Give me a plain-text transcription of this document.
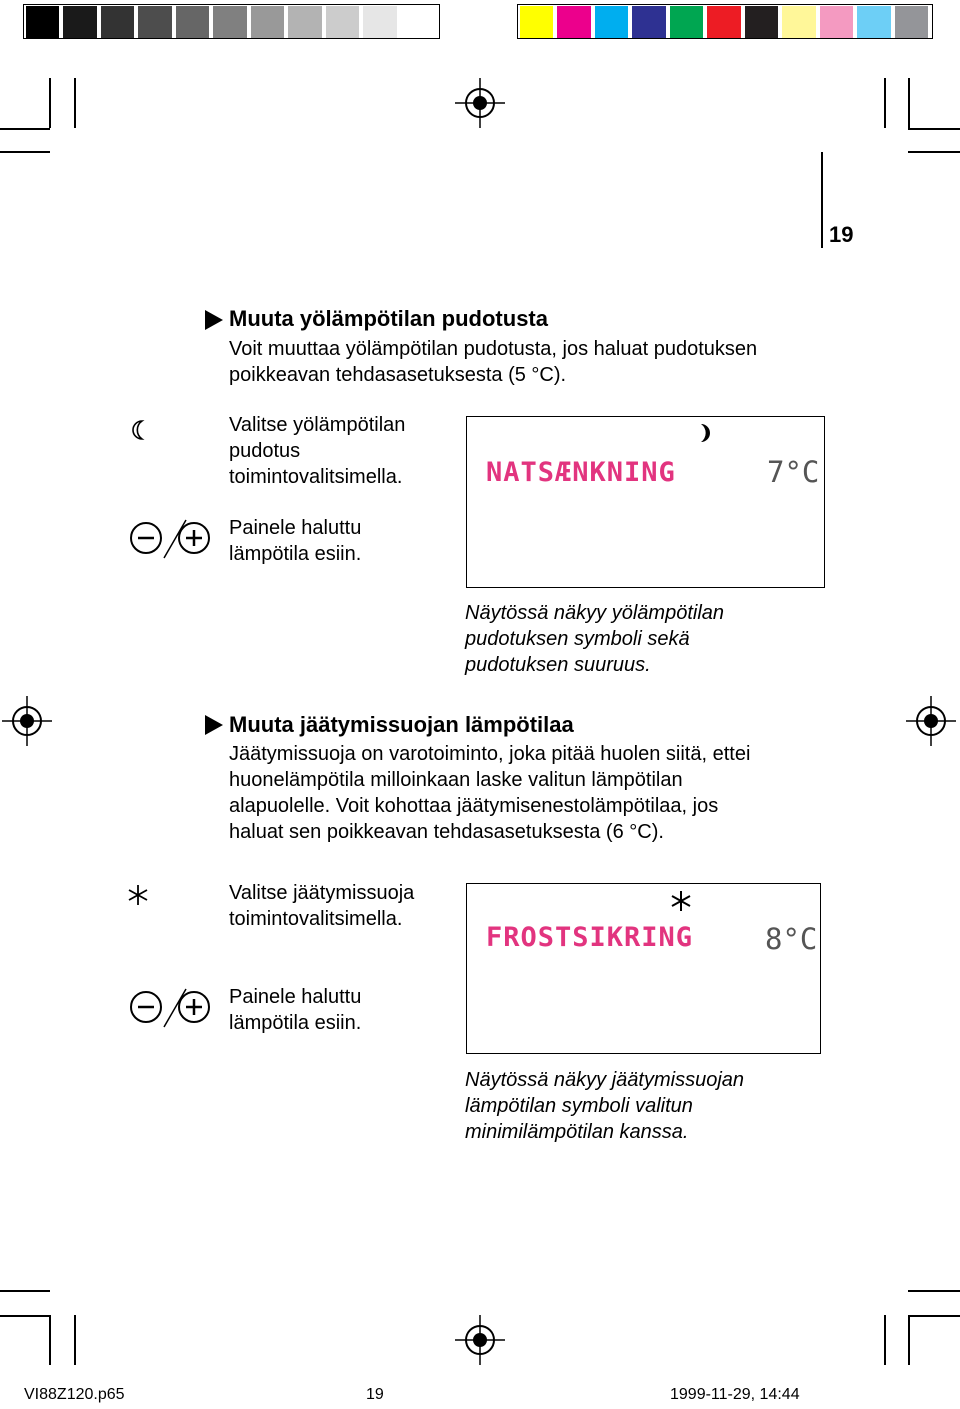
19
Muuta yölämpötilan pudotusta
Voit muuttaa yölämpötilan pudotusta, jos haluat pudotuksen
poikkeavan tehdasasetuksesta (5 °C).
Valitse yölämpötilan
pudotus
toimintovalitsimella.
Painele haluttu
lämpötila esiin.
NATSÆNKNING	7°C
Näytössä näkyy yölämpötilan
pudotuksen symboli sekä
pudotuksen suuruus.
Muuta jäätymissuojan lämpötilaa
Jäätymissuoja on varotoiminto, joka pitää huolen siitä, ettei
huonelämpötila milloinkaan laske valitun lämpötilan
alapuolelle. Voit kohottaa jäätymisenestolämpötilaa, jos
haluat sen poikkeavan tehdasasetuksesta (6 °C).
Valitse jäätymissuoja
toimintovalitsimella.
Painele haluttu
lämpötila esiin.
FROSTSIKRING 8°C
Näytössä näkyy jäätymissuojan
lämpötilan symboli valitun
minimilämpötilan kanssa.
VI88Z120.p65	19	1999-11-29, 14:44
